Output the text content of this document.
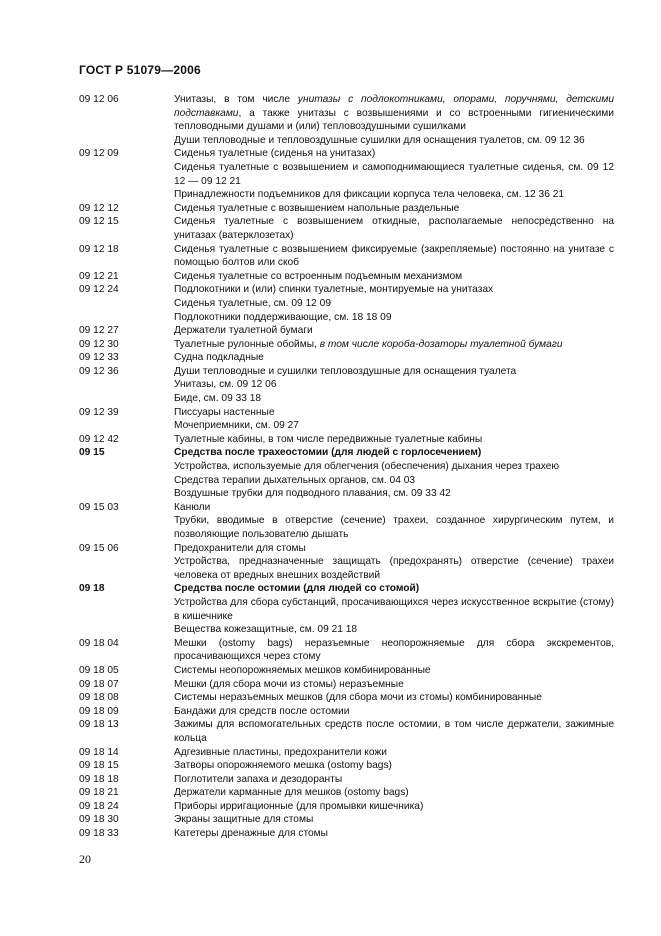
ГОСТ Р 51079—2006
09 12 06	Унитазы, в том числе унитазы с подлокотниками, опорами, поручнями, детскими подставками, а также унитазы с возвышениями и со встроенными гигиеническими тепловодными душами и (или) тепловоздушными сушилками
Души тепловодные и тепловоздушные сушилки для оснащения туалетов, см. 09 12 36
09 12 09	Сиденья туалетные (сиденья на унитазах)
Сиденья туалетные с возвышением и самоподнимающиеся туалетные сиденья, см. 09 12 12 — 09 12 21
Принадлежности подъемников для фиксации корпуса тела человека, см. 12 36 21
09 12 12	Сиденья туалетные с возвышением напольные раздельные
09 12 15	Сиденья туалетные с возвышением откидные, располагаемые непосредственно на унитазах (ватерклозетах)
09 12 18	Сиденья туалетные с возвышением фиксируемые (закрепляемые) постоянно на унитазе с помощью болтов или скоб
09 12 21	Сиденья туалетные со встроенным подъемным механизмом
09 12 24	Подлокотники и (или) спинки туалетные, монтируемые на унитазах
Сиденья туалетные, см. 09 12 09
Подлокотники поддерживающие, см. 18 18 09
09 12 27	Держатели туалетной бумаги
09 12 30	Туалетные рулонные обоймы, в том числе короба-дозаторы туалетной бумаги
09 12 33	Судна подкладные
09 12 36	Души тепловодные и сушилки тепловоздушные для оснащения туалета
Унитазы, см. 09 12 06
Биде, см. 09 33 18
09 12 39	Писсуары настенные
Мочеприемники, см. 09 27
09 12 42	Туалетные кабины, в том числе передвижные туалетные кабины
09 15	Средства после трахеостомии (для людей с горлосечением)
Устройства, используемые для облегчения (обеспечения) дыхания через трахею
Средства терапии дыхательных органов, см. 04 03
Воздушные трубки для подводного плавания, см. 09 33 42
09 15 03	Канюли
Трубки, вводимые в отверстие (сечение) трахеи, созданное хирургическим путем, и позволяющие пользователю дышать
09 15 06	Предохранители для стомы
Устройства, предназначенные защищать (предохранять) отверстие (сечение) трахеи человека от вредных внешних воздействий
09 18	Средства после остомии (для людей со стомой)
Устройства для сбора субстанций, просачивающихся через искусственное вскрытие (стому) в кишечнике
Вещества кожезащитные, см. 09 21 18
09 18 04	Мешки (ostomy bags) неразъемные неопорожняемые для сбора экскрементов, просачивающихся через стому
09 18 05	Системы неопорожняемых мешков комбинированные
09 18 07	Мешки (для сбора мочи из стомы) неразъемные
09 18 08	Системы неразъемных мешков (для сбора мочи из стомы) комбинированные
09 18 09	Бандажи для средств после остомии
09 18 13	Зажимы для вспомогательных средств после остомии, в том числе держатели, зажимные кольца
09 18 14	Адгезивные пластины, предохранители кожи
09 18 15	Затворы опорожняемого мешка (ostomy bags)
09 18 18	Поглотители запаха и дезодоранты
09 18 21	Держатели карманные для мешков (ostomy bags)
09 18 24	Приборы ирригационные (для промывки кишечника)
09 18 30	Экраны защитные для стомы
09 18 33	Катетеры дренажные для стомы
20
